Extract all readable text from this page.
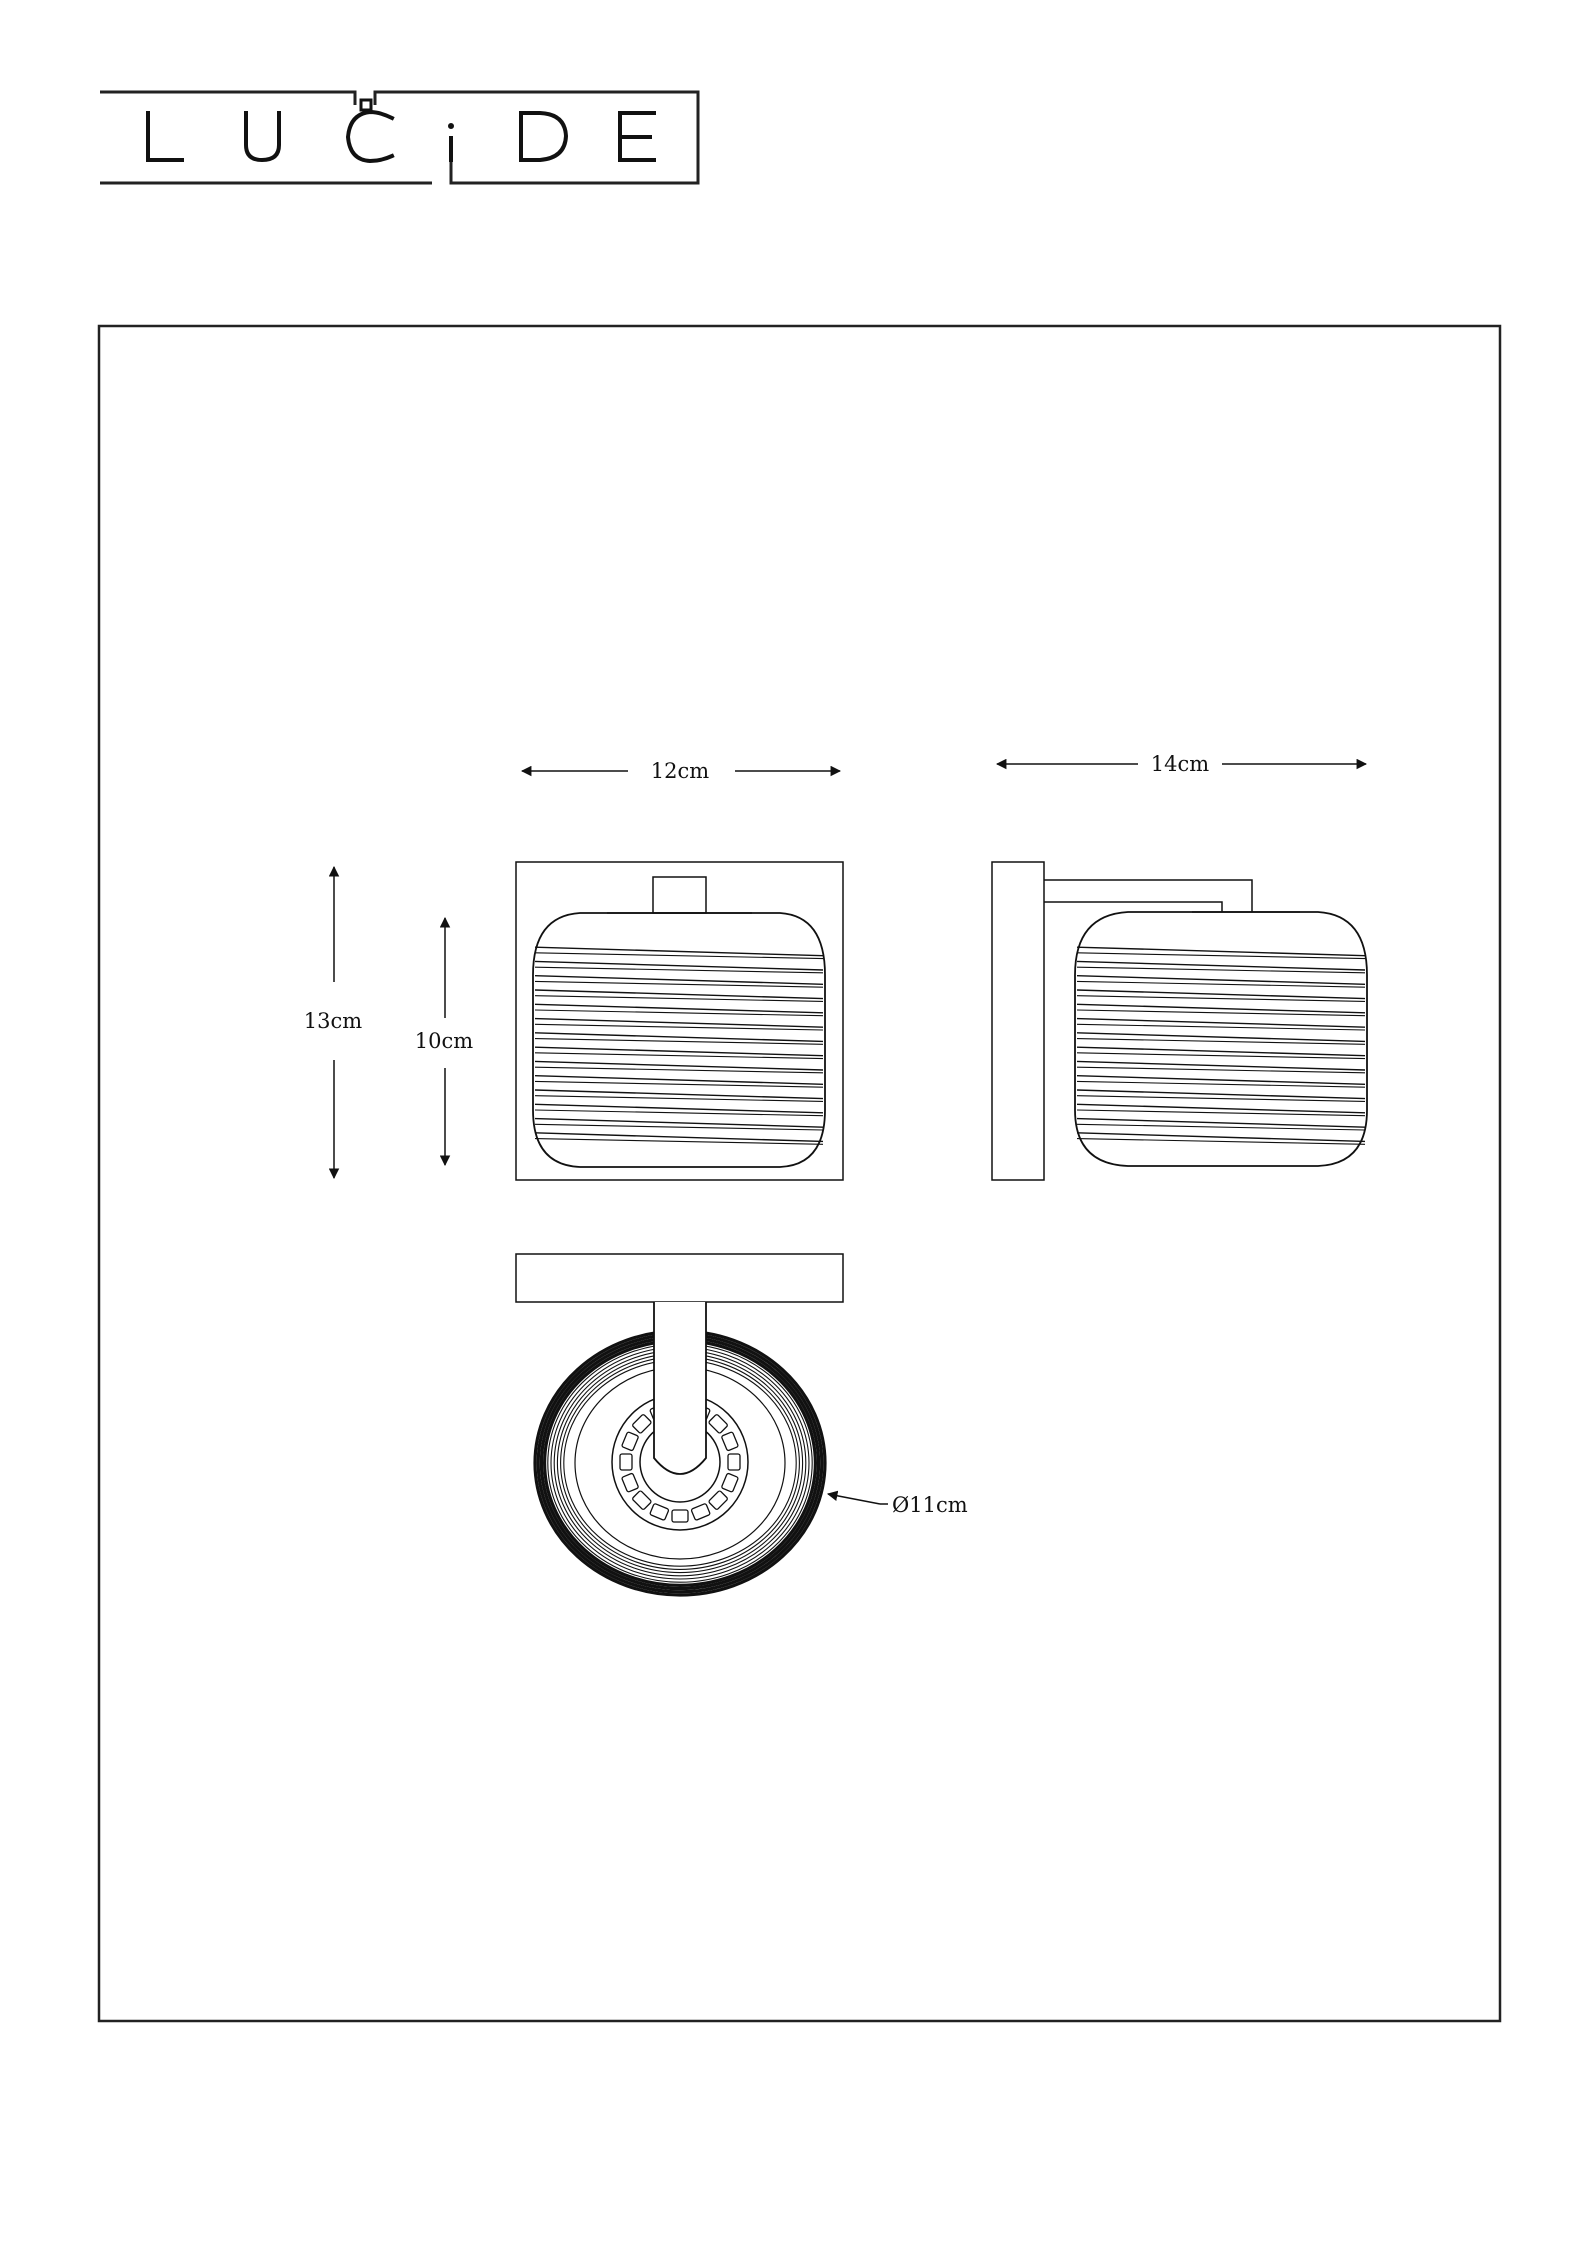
12cm
13cm
10cm
14cm
Ø11cm
